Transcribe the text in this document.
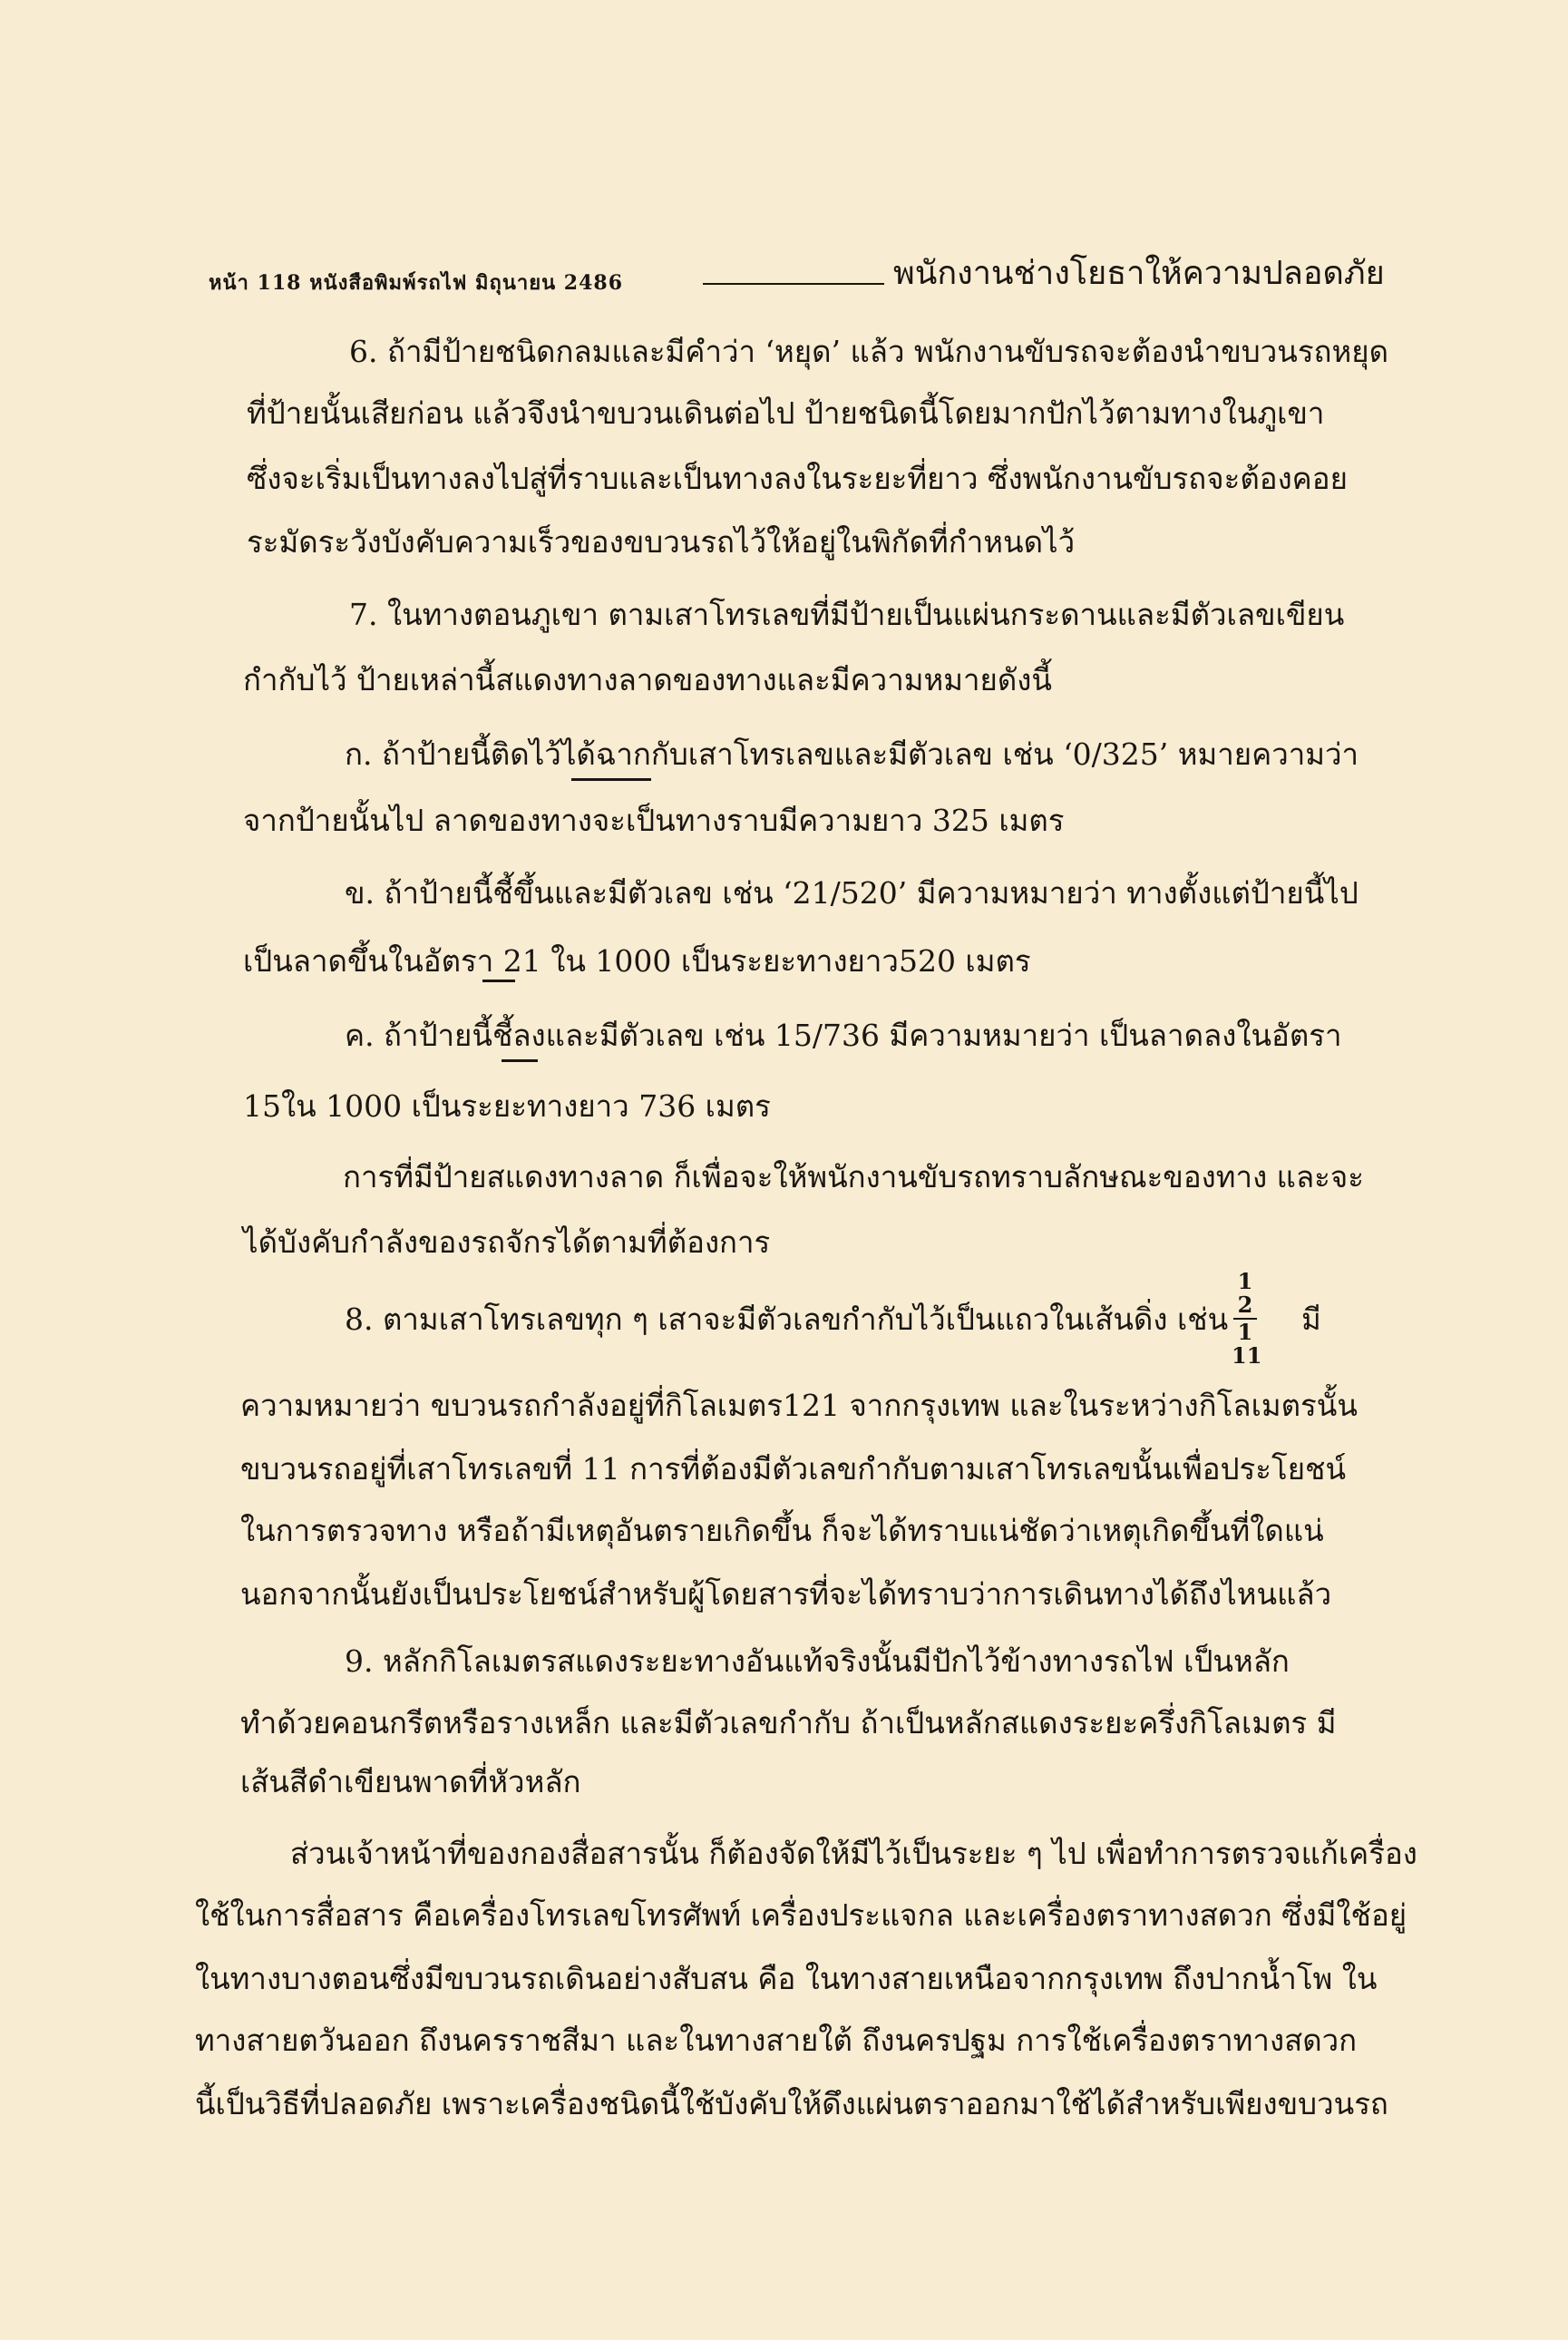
หน้า 118 หนังสือพิมพ์รถไฟ มิถุนายน 2486	พนักงานช่างโยธาให้ความปลอดภัย
6. ถ้ามีป้ายชนิดกลมและมีคำว่า ‘หยุด’ แล้ว พนักงานขับรถจะต้องนำขบวนรถหยุด
ที่ป้ายนั้นเสียก่อน แล้วจึงนำขบวนเดินต่อไป ป้ายชนิดนี้โดยมากปักไว้ตามทางในภูเขา
ซึ่งจะเริ่มเป็นทางลงไปสู่ที่ราบและเป็นทางลงในระยะที่ยาว ซึ่งพนักงานขับรถจะต้องคอย
ระมัดระวังบังคับความเร็วของขบวนรถไว้ให้อยู่ในพิกัดที่กำหนดไว้
7. ในทางตอนภูเขา ตามเสาโทรเลขที่มีป้ายเป็นแผ่นกระดานและมีตัวเลขเขียน
กำกับไว้ ป้ายเหล่านี้สแดงทางลาดของทางและมีความหมายดังนี้
ก. ถ้าป้ายนี้ติดไว้ได้ฉากกับเสาโทรเลขและมีตัวเลข เช่น ‘0/325’ หมายความว่า
จากป้ายนั้นไป ลาดของทางจะเป็นทางราบมีความยาว 325 เมตร
ข. ถ้าป้ายนี้ชี้ขึ้นและมีตัวเลข เช่น ‘21/520’ มีความหมายว่า ทางตั้งแต่ป้ายนี้ไป
เป็นลาดขึ้นในอัตรา 21 ใน 1000 เป็นระยะทางยาว520 เมตร
ค. ถ้าป้ายนี้ชี้ลงและมีตัวเลข เช่น 15/736 มีความหมายว่า เป็นลาดลงในอัตรา
15ใน 1000 เป็นระยะทางยาว 736 เมตร
การที่มีป้ายสแดงทางลาด ก็เพื่อจะให้พนักงานขับรถทราบลักษณะของทาง และจะ
ได้บังคับกำลังของรถจักรได้ตามที่ต้องการ
8. ตามเสาโทรเลขทุก ๆ เสาจะมีตัวเลขกำกับไว้เป็นแถวในเส้นดิ่ง เช่น
1
2
1
11
มี
ความหมายว่า ขบวนรถกำลังอยู่ที่กิโลเมตร121 จากกรุงเทพ และในระหว่างกิโลเมตรนั้น
ขบวนรถอยู่ที่เสาโทรเลขที่ 11 การที่ต้องมีตัวเลขกำกับตามเสาโทรเลขนั้นเพื่อประโยชน์
ในการตรวจทาง หรือถ้ามีเหตุอันตรายเกิดขึ้น ก็จะได้ทราบแน่ชัดว่าเหตุเกิดขึ้นที่ใดแน่
นอกจากนั้นยังเป็นประโยชน์สำหรับผู้โดยสารที่จะได้ทราบว่าการเดินทางได้ถึงไหนแล้ว
9. หลักกิโลเมตรสแดงระยะทางอันแท้จริงนั้นมีปักไว้ข้างทางรถไฟ เป็นหลัก
ทำด้วยคอนกรีตหรือรางเหล็ก และมีตัวเลขกำกับ ถ้าเป็นหลักสแดงระยะครึ่งกิโลเมตร มี
เส้นสีดำเขียนพาดที่หัวหลัก
ส่วนเจ้าหน้าที่ของกองสื่อสารนั้น ก็ต้องจัดให้มีไว้เป็นระยะ ๆ ไป เพื่อทำการตรวจแก้เครื่อง
ใช้ในการสื่อสาร คือเครื่องโทรเลขโทรศัพท์ เครื่องประแจกล และเครื่องตราทางสดวก ซึ่งมีใช้อยู่
ในทางบางตอนซึ่งมีขบวนรถเดินอย่างสับสน คือ ในทางสายเหนือจากกรุงเทพ ถึงปากน้ำโพ ใน
ทางสายตวันออก ถึงนครราชสีมา และในทางสายใต้ ถึงนครปฐม การใช้เครื่องตราทางสดวก
นี้เป็นวิธีที่ปลอดภัย เพราะเครื่องชนิดนี้ใช้บังคับให้ดึงแผ่นตราออกมาใช้ได้สำหรับเพียงขบวนรถ
